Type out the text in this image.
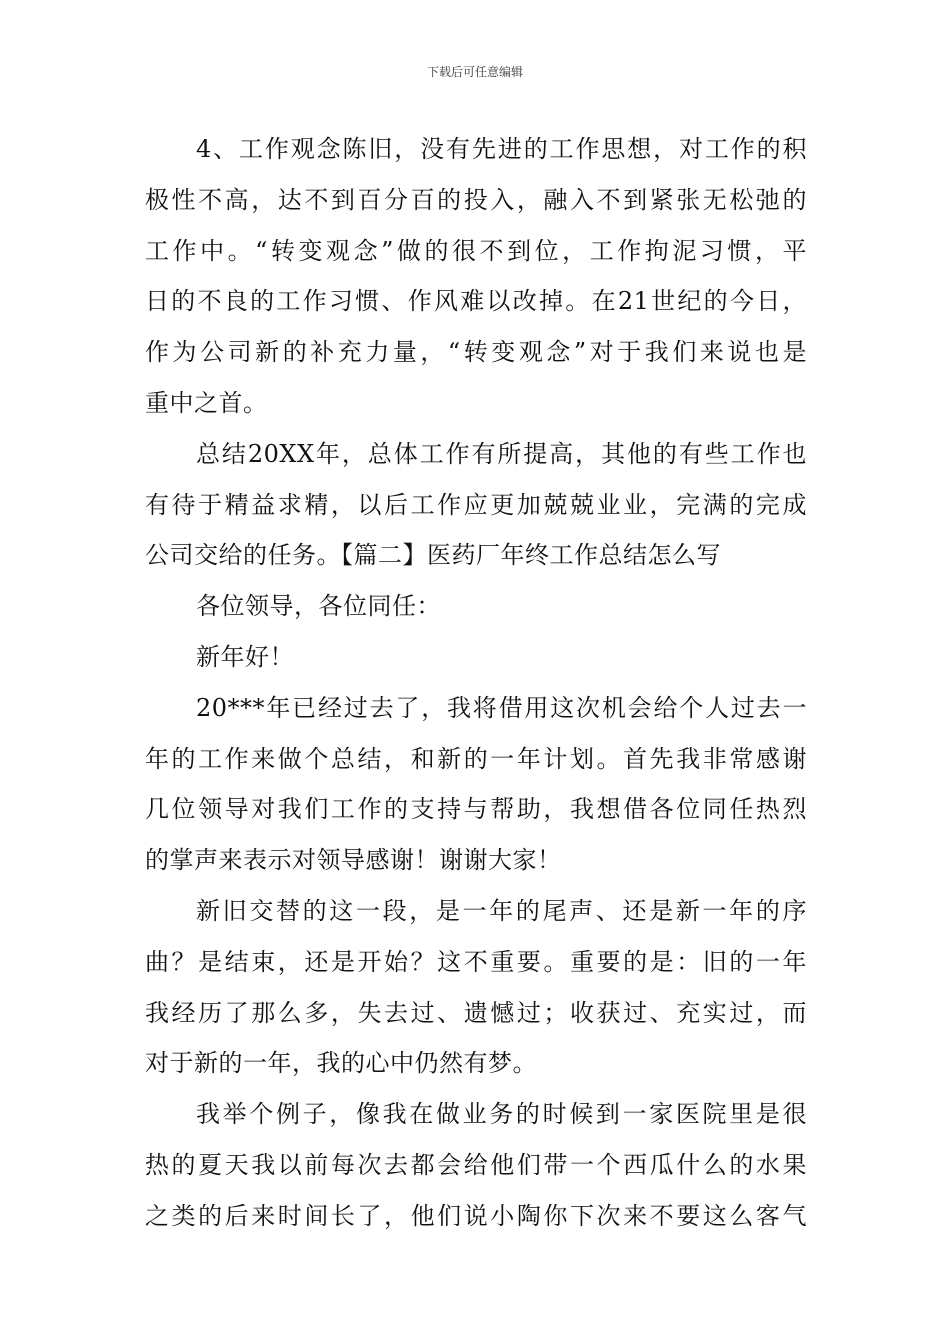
下载后可任意编辑
4、工作观念陈旧，没有先进的工作思想，对工作的积
极性不高，达不到百分百的投入，融入不到紧张无松弛的
工作中。“转变观念”做的很不到位，工作拘泥习惯，平
日的不良的工作习惯、作风难以改掉。在21世纪的今日，
作为公司新的补充力量，“转变观念”对于我们来说也是
重中之首。
总结20XX年，总体工作有所提高，其他的有些工作也
有待于精益求精，以后工作应更加兢兢业业，完满的完成
公司交给的任务。【篇二】医药厂年终工作总结怎么写
各位领导，各位同任：
新年好！
20***年已经过去了，我将借用这次机会给个人过去一
年的工作来做个总结，和新的一年计划。首先我非常感谢
几位领导对我们工作的支持与帮助，我想借各位同任热烈
的掌声来表示对领导感谢！谢谢大家！
新旧交替的这一段，是一年的尾声、还是新一年的序
曲？是结束，还是开始？这不重要。重要的是：旧的一年
我经历了那么多，失去过、遗憾过；收获过、充实过，而
对于新的一年，我的心中仍然有梦。
我举个例子，像我在做业务的时候到一家医院里是很
热的夏天我以前每次去都会给他们带一个西瓜什么的水果
之类的后来时间长了，他们说小陶你下次来不要这么客气
